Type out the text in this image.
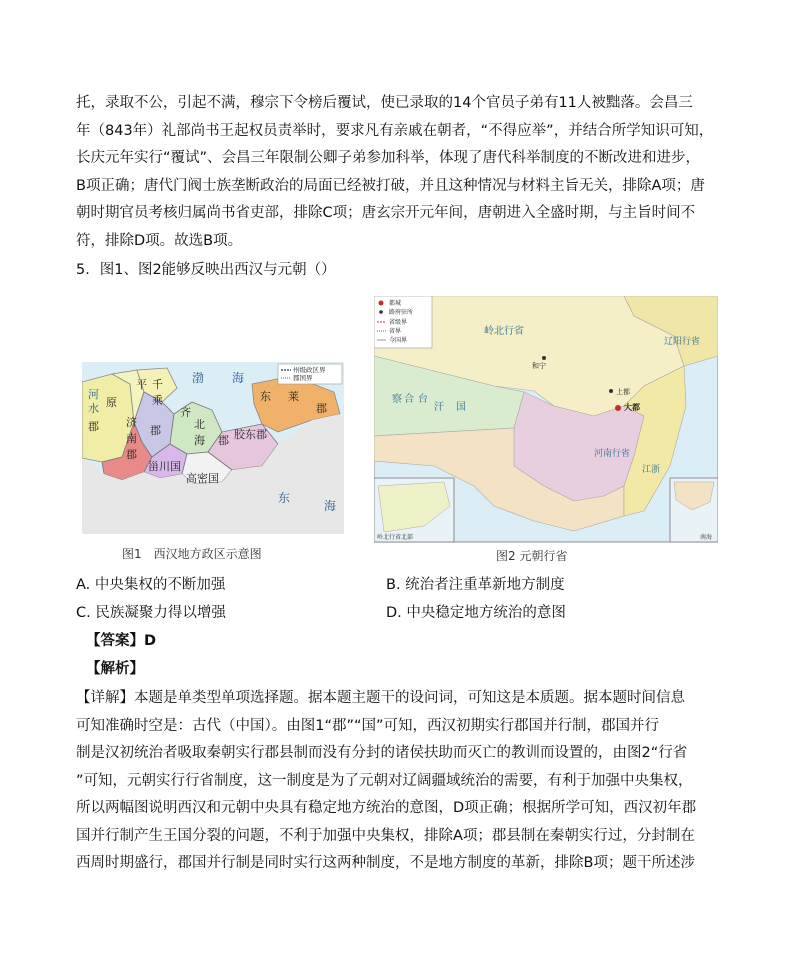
托，录取不公，引起不满，穆宗下令榜后覆试，使已录取的14个官员子弟有11人被黜落。会昌三
年（843年）礼部尚书王起权员责举时，要求凡有亲戚在朝者，“不得应举”，并结合所学知识可知，
长庆元年实行“覆试”、会昌三年限制公卿子弟参加科举，体现了唐代科举制度的不断改进和进步，
B项正确；唐代门阀士族垄断政治的局面已经被打破，并且这种情况与材料主旨无关，排除A项；唐
朝时期官员考核归属尚书省吏部，排除C项；唐玄宗开元年间，唐朝进入全盛时期，与主旨时间不
符，排除D项。故选B项。
5．图1、图2能够反映出西汉与元朝（）
州级政区界
郡国界
渤 海
东
海
河
水 原
郡
平 千
乘
济
南
郡
齐
郡	北
海 郡 胶东郡
东 莱
郡
甾川国
高密国
图1　西汉地方政区示意图
都城
路府驻所
省级界
省界
今国界
岭北行省
和宁
察 合 台
汗 国
上都
大都
河南行省
江浙
辽阳行省
岭北行省北部	南海
图2 元朝行省
A. 中央集权的不断加强	B. 统治者注重革新地方制度
C. 民族凝聚力得以增强	D. 中央稳定地方统治的意图
【答案】D
【解析】
【详解】本题是单类型单项选择题。据本题主题干的设问词，可知这是本质题。据本题时间信息
可知准确时空是：古代（中国）。由图1“郡”“国”可知，西汉初期实行郡国并行制，郡国并行
制是汉初统治者吸取秦朝实行郡县制而没有分封的诸侯扶助而灭亡的教训而设置的，由图2“行省
”可知，元朝实行行省制度，这一制度是为了元朝对辽阔疆域统治的需要，有利于加强中央集权，
所以两幅图说明西汉和元朝中央具有稳定地方统治的意图，D项正确；根据所学可知，西汉初年郡
国并行制产生王国分裂的问题，不利于加强中央集权，排除A项；郡县制在秦朝实行过，分封制在
西周时期盛行，郡国并行制是同时实行这两种制度，不是地方制度的革新，排除B项；题干所述涉
